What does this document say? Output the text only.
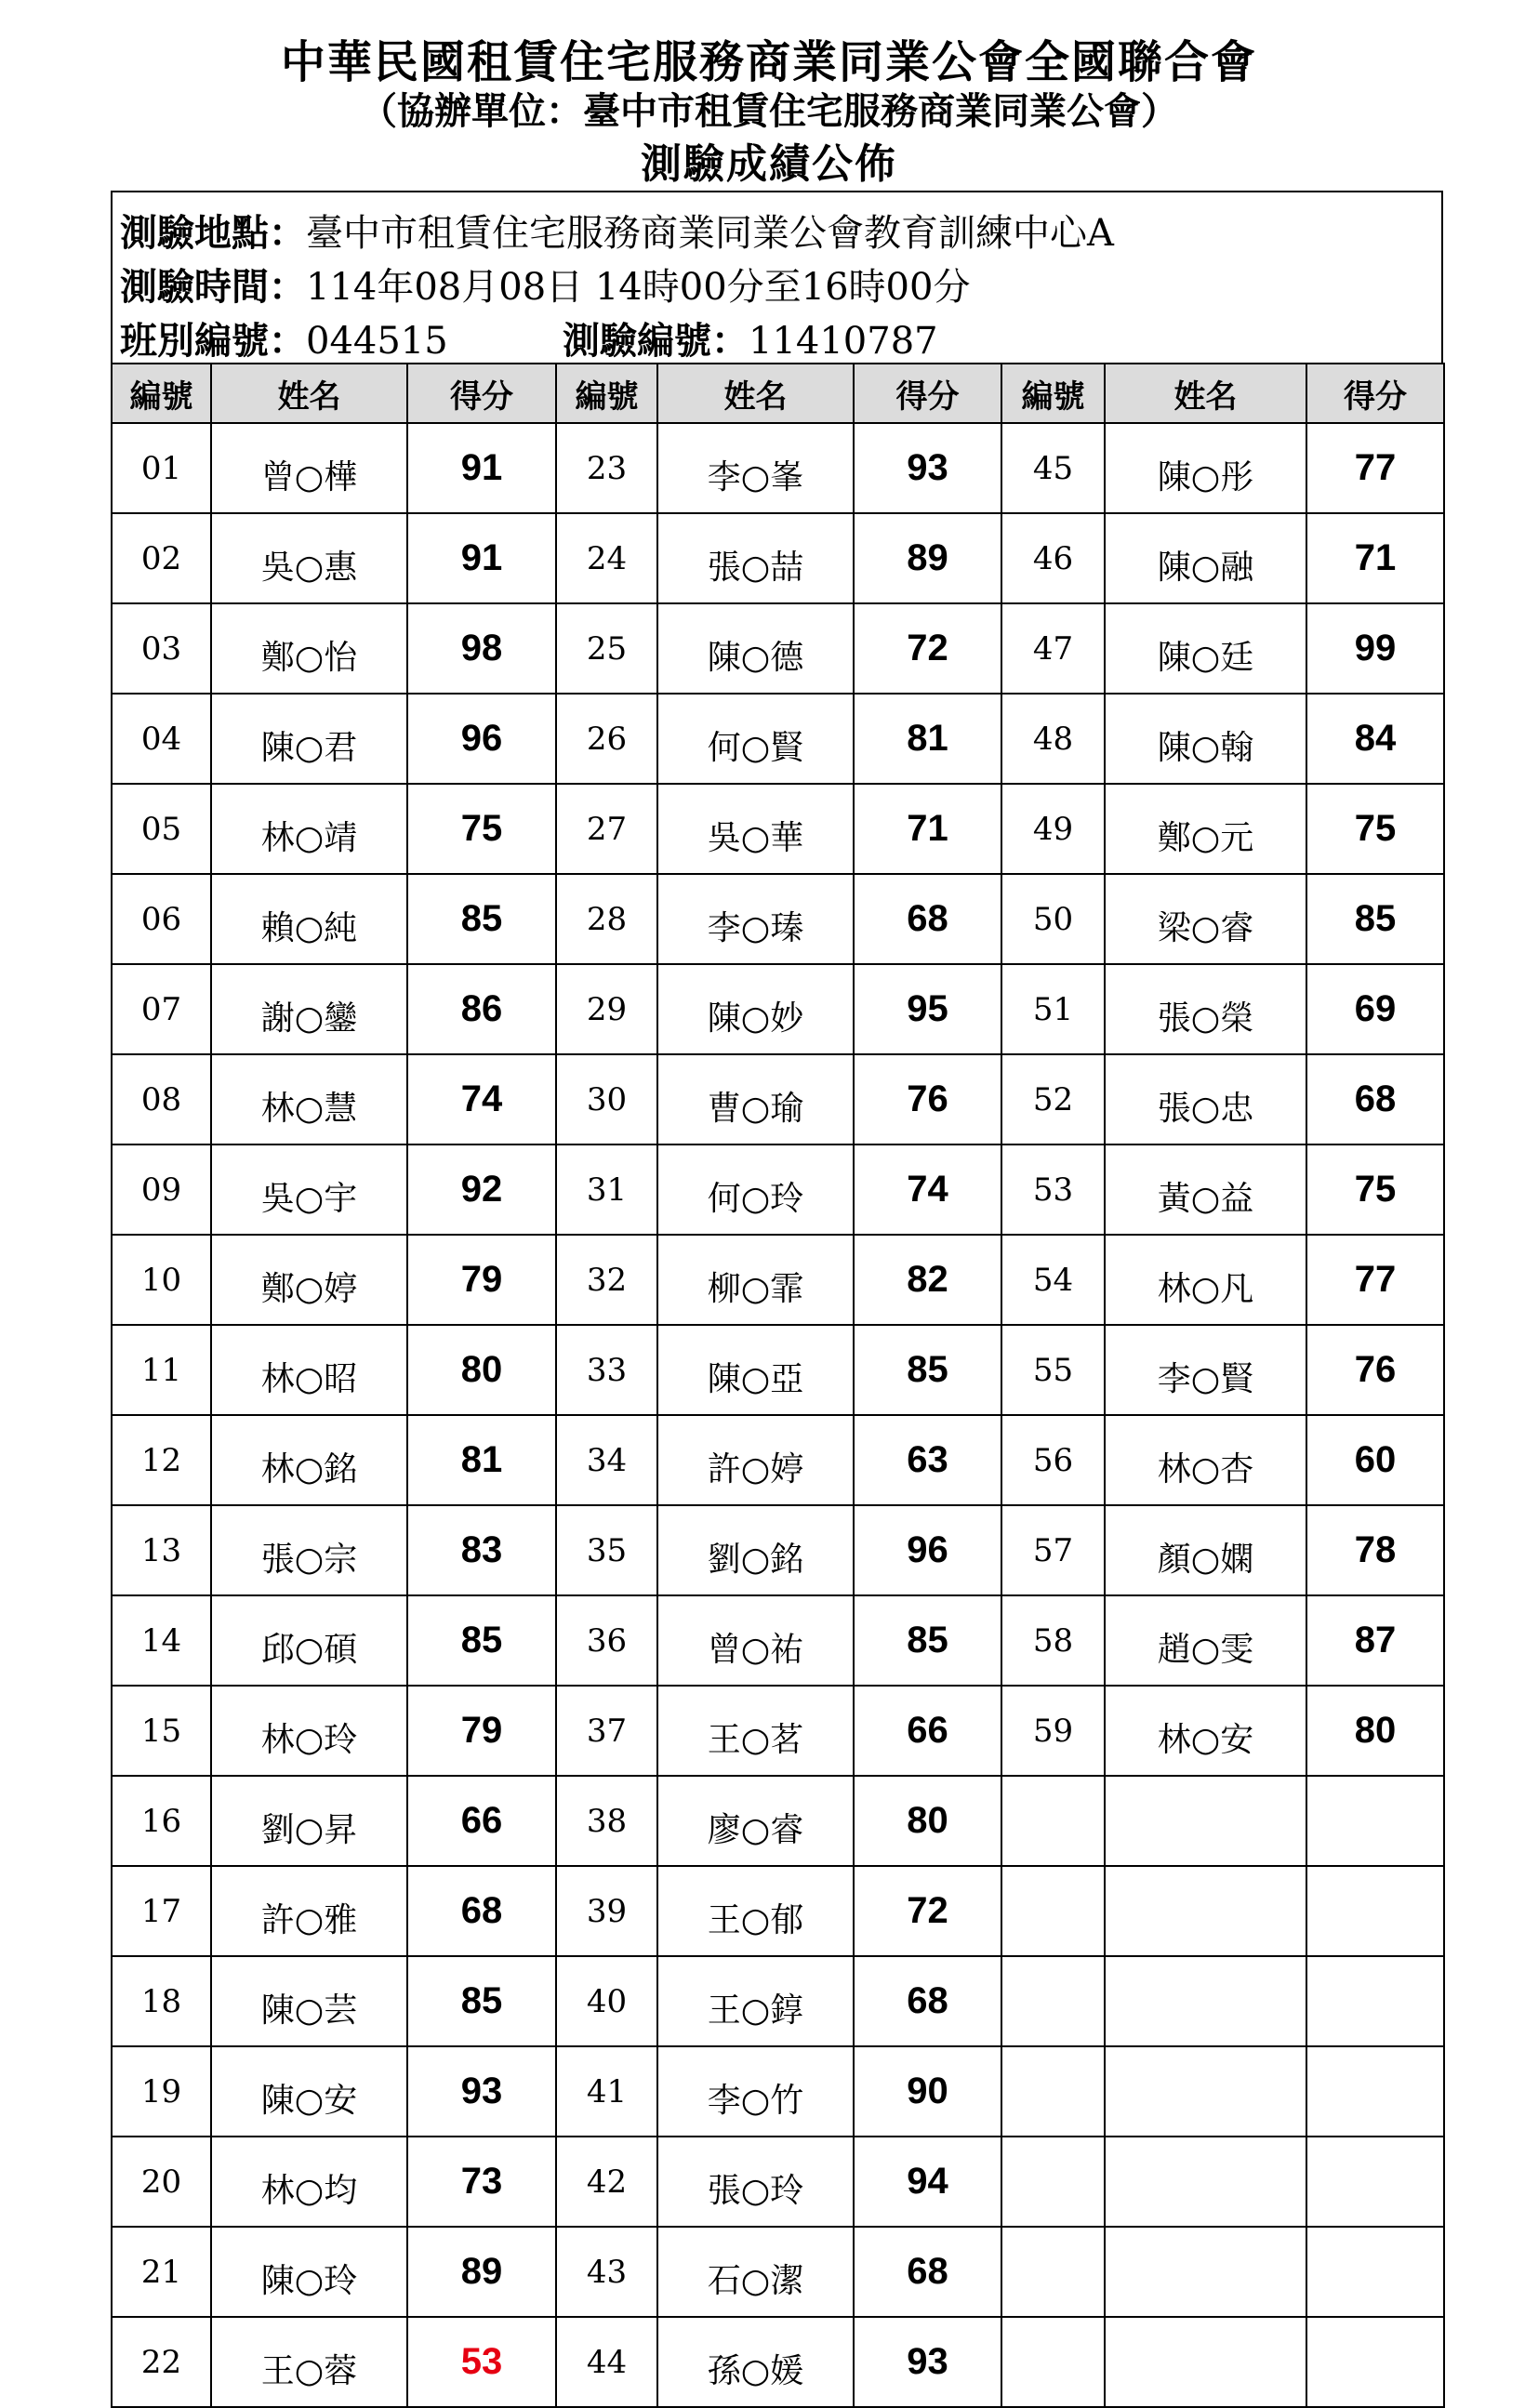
中華民國租賃住宅服務商業同業公會全國聯合會
（協辦單位：臺中市租賃住宅服務商業同業公會）
測驗成績公佈
測驗地點：臺中市租賃住宅服務商業同業公會教育訓練中心A
測驗時間：114年08月08日 14時00分至16時00分
班別編號：044515	測驗編號：11410787
編號	姓名	得分	編號	姓名	得分	編號	姓名	得分
01	曾○樺	91	23	李○峯	93	45	陳○彤	77
02	吳○惠	91	24	張○喆	89	46	陳○融	71
03	鄭○怡	98	25	陳○德	72	47	陳○廷	99
04	陳○君	96	26	何○賢	81	48	陳○翰	84
05	林○靖	75	27	吳○華	71	49	鄭○元	75
06	賴○純	85	28	李○瑧	68	50	梁○睿	85
07	謝○鑾	86	29	陳○妙	95	51	張○榮	69
08	林○慧	74	30	曹○瑜	76	52	張○忠	68
09	吳○宇	92	31	何○玲	74	53	黃○益	75
10	鄭○婷	79	32	柳○霏	82	54	林○凡	77
11	林○昭	80	33	陳○亞	85	55	李○賢	76
12	林○銘	81	34	許○婷	63	56	林○杏	60
13	張○宗	83	35	劉○銘	96	57	顏○嫻	78
14	邱○碩	85	36	曾○祐	85	58	趙○雯	87
15	林○玲	79	37	王○茗	66	59	林○安	80
16	劉○昇	66	38	廖○睿	80			
17	許○雅	68	39	王○郁	72			
18	陳○芸	85	40	王○錞	68			
19	陳○安	93	41	李○竹	90			
20	林○均	73	42	張○玲	94			
21	陳○玲	89	43	石○潔	68			
22	王○蓉	53	44	孫○媛	93			
